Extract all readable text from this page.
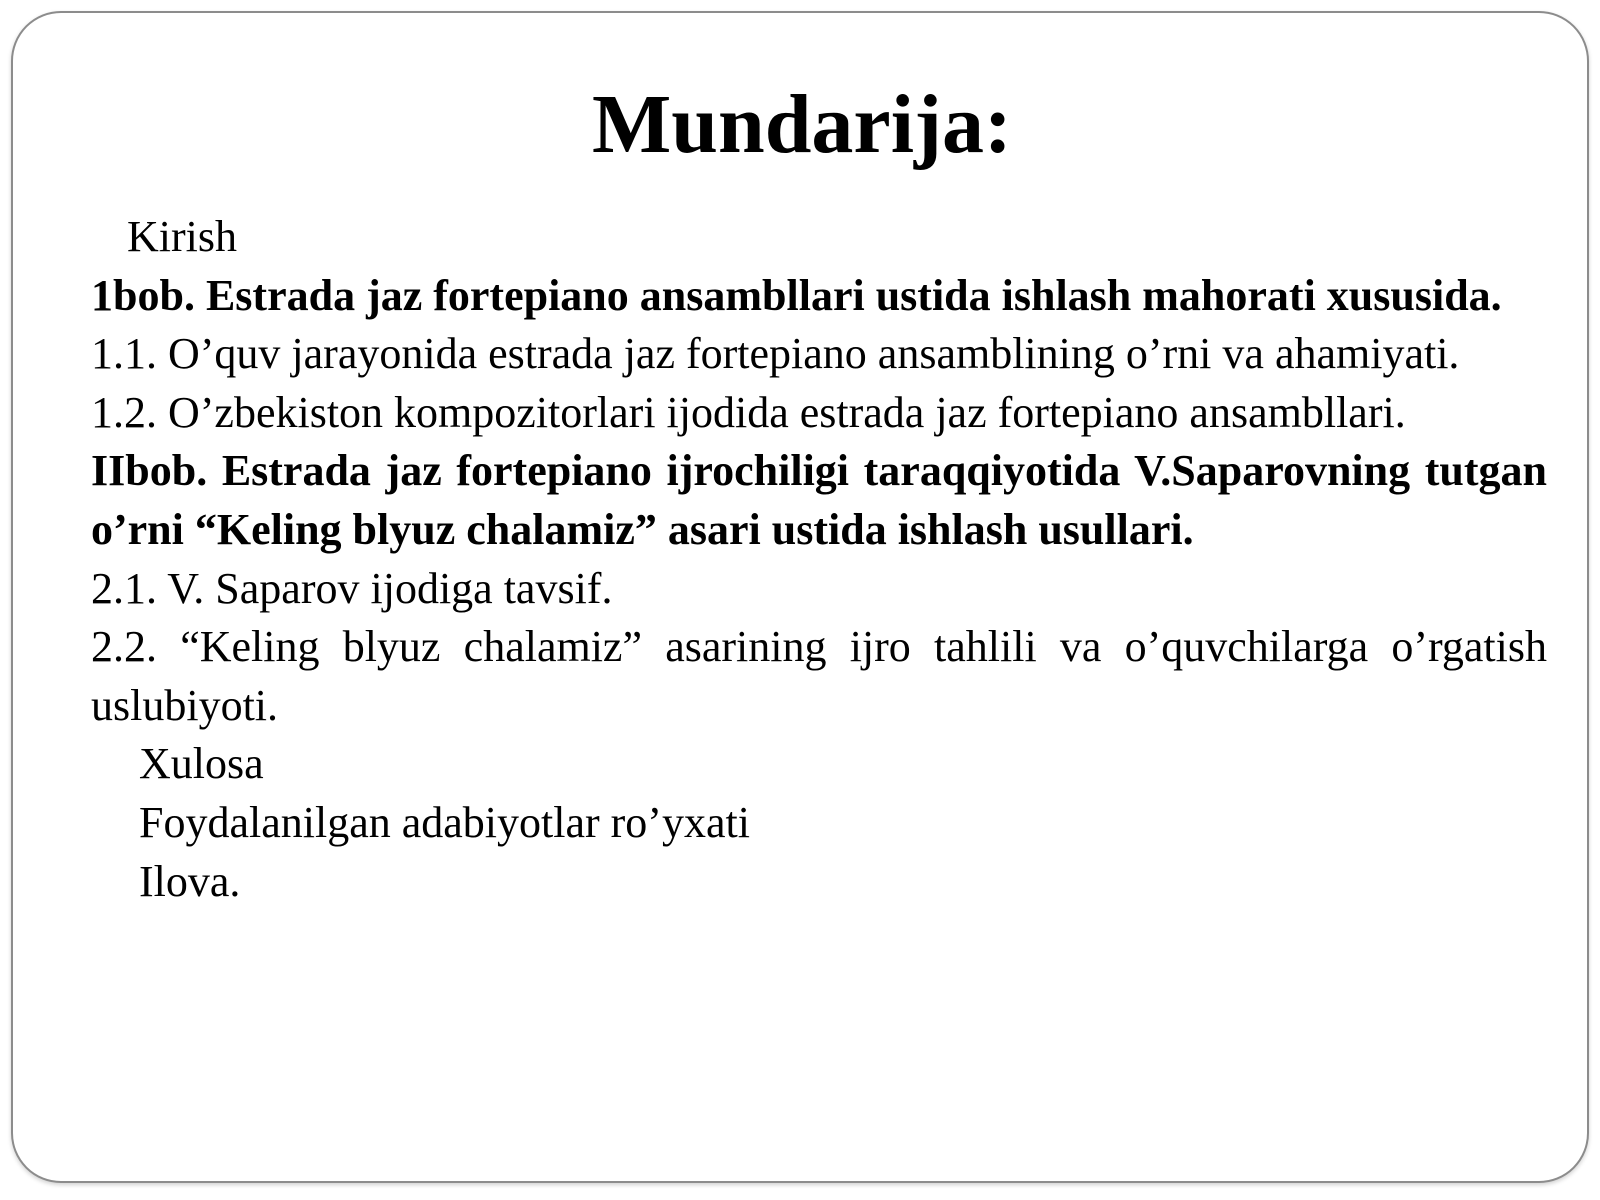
Mundarija:

Kirish

1bob. Estrada jaz fortepiano ansambllari ustida ishlash mahorati xususida.

1.1. O’quv jarayonida estrada jaz fortepiano ansamblining o’rni va ahamiyati.

1.2. O’zbekiston kompozitorlari ijodida estrada jaz fortepiano ansambllari.

IIbob. Estrada jaz fortepiano ijrochiligi taraqqiyotida V.Saparovning tutgan o’rni “Keling blyuz chalamiz” asari ustida ishlash usullari.

2.1. V. Saparov ijodiga tavsif.

2.2. “Keling blyuz chalamiz” asarining ijro tahlili va o’quvchilarga o’rgatish uslubiyoti.

Xulosa

Foydalanilgan adabiyotlar ro’yxati

Ilova.
